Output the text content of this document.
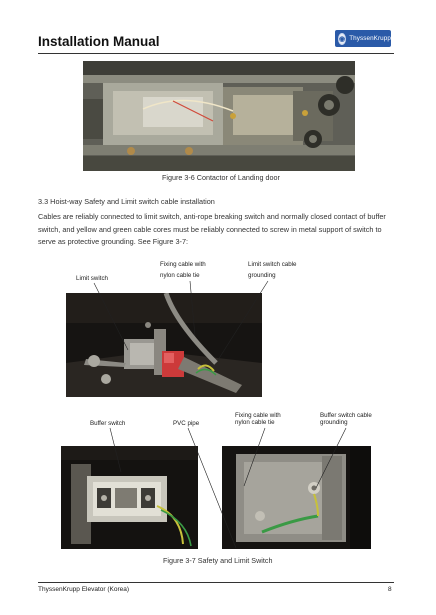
Installation Manual	◉ ThyssenKrupp
Figure 3-6 Contactor of Landing door
3.3 Hoist-way Safety and Limit switch cable installation
Cables are reliably connected to limit switch, anti-rope breaking switch and normally closed contact of buffer switch, and yellow and green cable cores must be reliably connected to screw in metal support of switch to serve as protective grounding. See Figure 3-7:
Limit switch
Fixing cable with nylon cable tie
Limit switch cable grounding
Buffer switch	PVC pipe
Fixing cable with nylon cable tie
Buffer switch cable grounding
Figure 3-7 Safety and Limit Switch
ThyssenKrupp Elevator (Korea)	8
